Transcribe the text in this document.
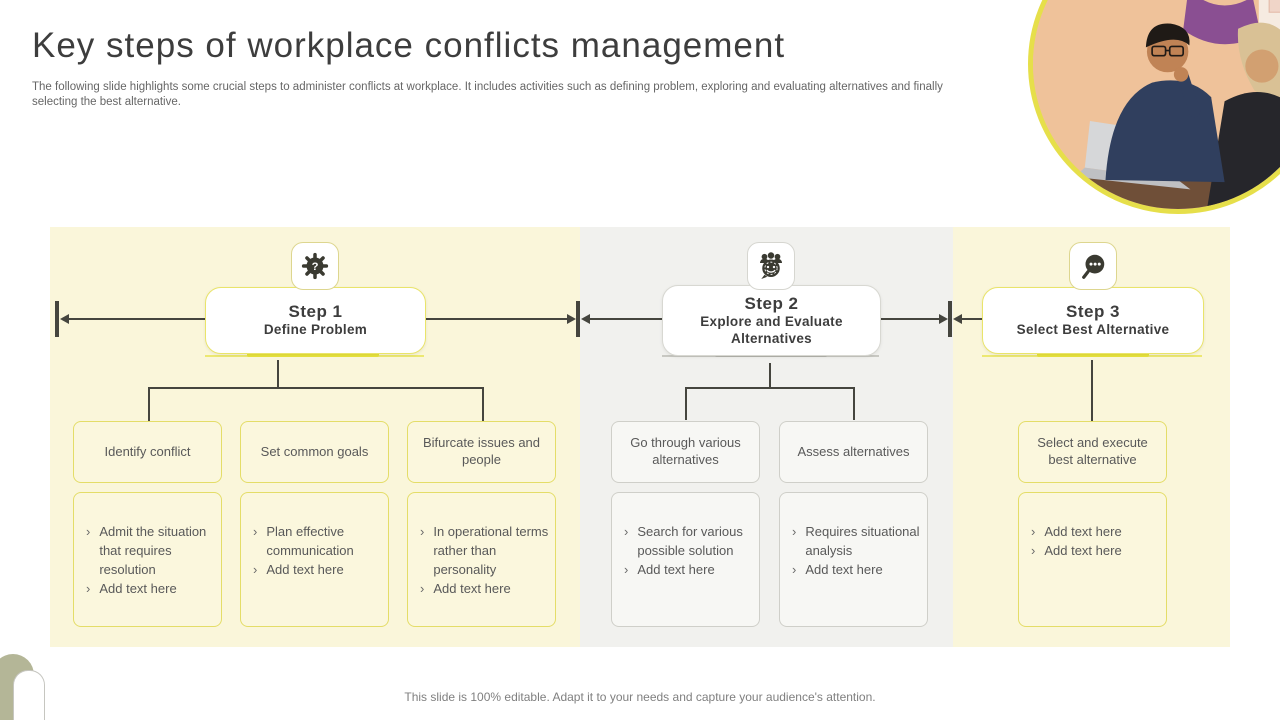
Key steps of workplace conflicts management
The following slide highlights some crucial steps to administer conflicts at workplace. It includes activities such as defining problem, exploring and evaluating alternatives and finally selecting the best alternative.
?
Step 1
Define Problem
Step 2
Explore and Evaluate Alternatives
Step 3
Select Best Alternative
Identify conflict	Set common goals
Bifurcate issues and people
Go through various alternatives
Assess alternatives
Select and execute best alternative
› Admit the situation that requires resolution
› Add text here
› Plan effective communication
› Add text here
› In operational terms rather than personality
› Add text here
› Search for various possible solution
› Add text here
› Requires situational analysis
› Add text here
› Add text here
› Add text here
This slide is 100% editable. Adapt it to your needs and capture your audience's attention.
